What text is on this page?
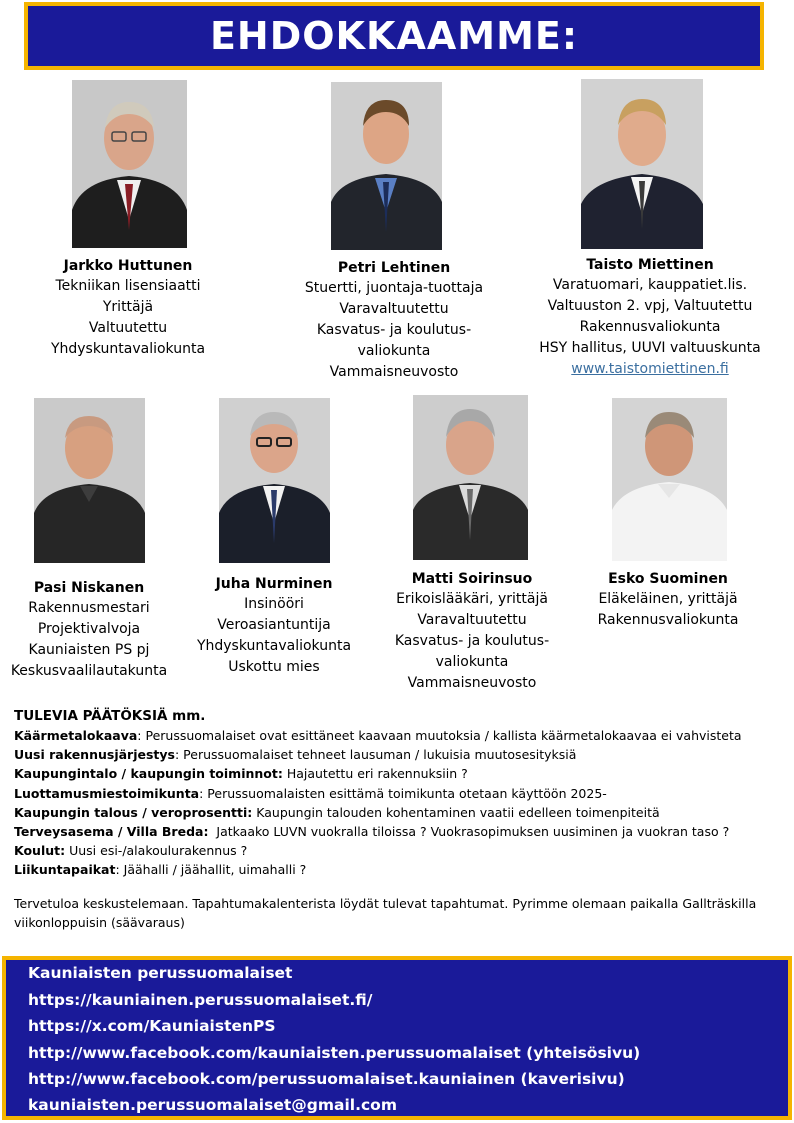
EHDOKKAAMME:
Jarkko Huttunen
Tekniikan lisensiaatti
Yrittäjä
Valtuutettu
Yhdyskuntavaliokunta
Petri Lehtinen
Stuertti, juontaja-tuottaja
Varavaltuutettu
Kasvatus- ja koulutus-
valiokunta
Vammaisneuvosto
Taisto Miettinen
Varatuomari, kauppatiet.lis.
Valtuuston 2. vpj, Valtuutettu
Rakennusvaliokunta
HSY hallitus, UUVI valtuuskunta
www.taistomiettinen.fi
Pasi Niskanen
Rakennusmestari
Projektivalvoja
Kauniaisten PS pj
Keskusvaalilautakunta
Juha Nurminen
Insinööri
Veroasiantuntija
Yhdyskuntavaliokunta
Uskottu mies
Matti Soirinsuo
Erikoislääkäri, yrittäjä
Varavaltuutettu
Kasvatus- ja koulutus-
valiokunta
Vammaisneuvosto
Esko Suominen
Eläkeläinen, yrittäjä
Rakennusvaliokunta
TULEVIA PÄÄTÖKSIÄ mm.
Käärmetalokaava: Perussuomalaiset ovat esittäneet kaavaan muutoksia / kallista käärmetalokaavaa ei vahvisteta
Uusi rakennusjärjestys: Perussuomalaiset tehneet lausuman / lukuisia muutosesityksiä
Kaupungintalo / kaupungin toiminnot: Hajautettu eri rakennuksiin ?
Luottamusmiestoimikunta: Perussuomalaisten esittämä toimikunta otetaan käyttöön 2025-
Kaupungin talous / veroprosentti: Kaupungin talouden kohentaminen vaatii edelleen toimenpiteitä
Terveysasema / Villa Breda:  Jatkaako LUVN vuokralla tiloissa ? Vuokrasopimuksen uusiminen ja vuokran taso ?
Koulut: Uusi esi-/alakoulurakennus ?
Liikuntapaikat: Jäähalli / jäähallit, uimahalli ?
Tervetuloa keskustelemaan. Tapahtumakalenterista löydät tulevat tapahtumat. Pyrimme olemaan paikalla Gallträskilla viikonloppuisin (säävaraus)
Kauniaisten perussuomalaiset
https://kauniainen.perussuomalaiset.fi/
https://x.com/KauniaistenPS
http://www.facebook.com/kauniaisten.perussuomalaiset (yhteisösivu)
http://www.facebook.com/perussuomalaiset.kauniainen (kaverisivu)
kauniaisten.perussuomalaiset@gmail.com
